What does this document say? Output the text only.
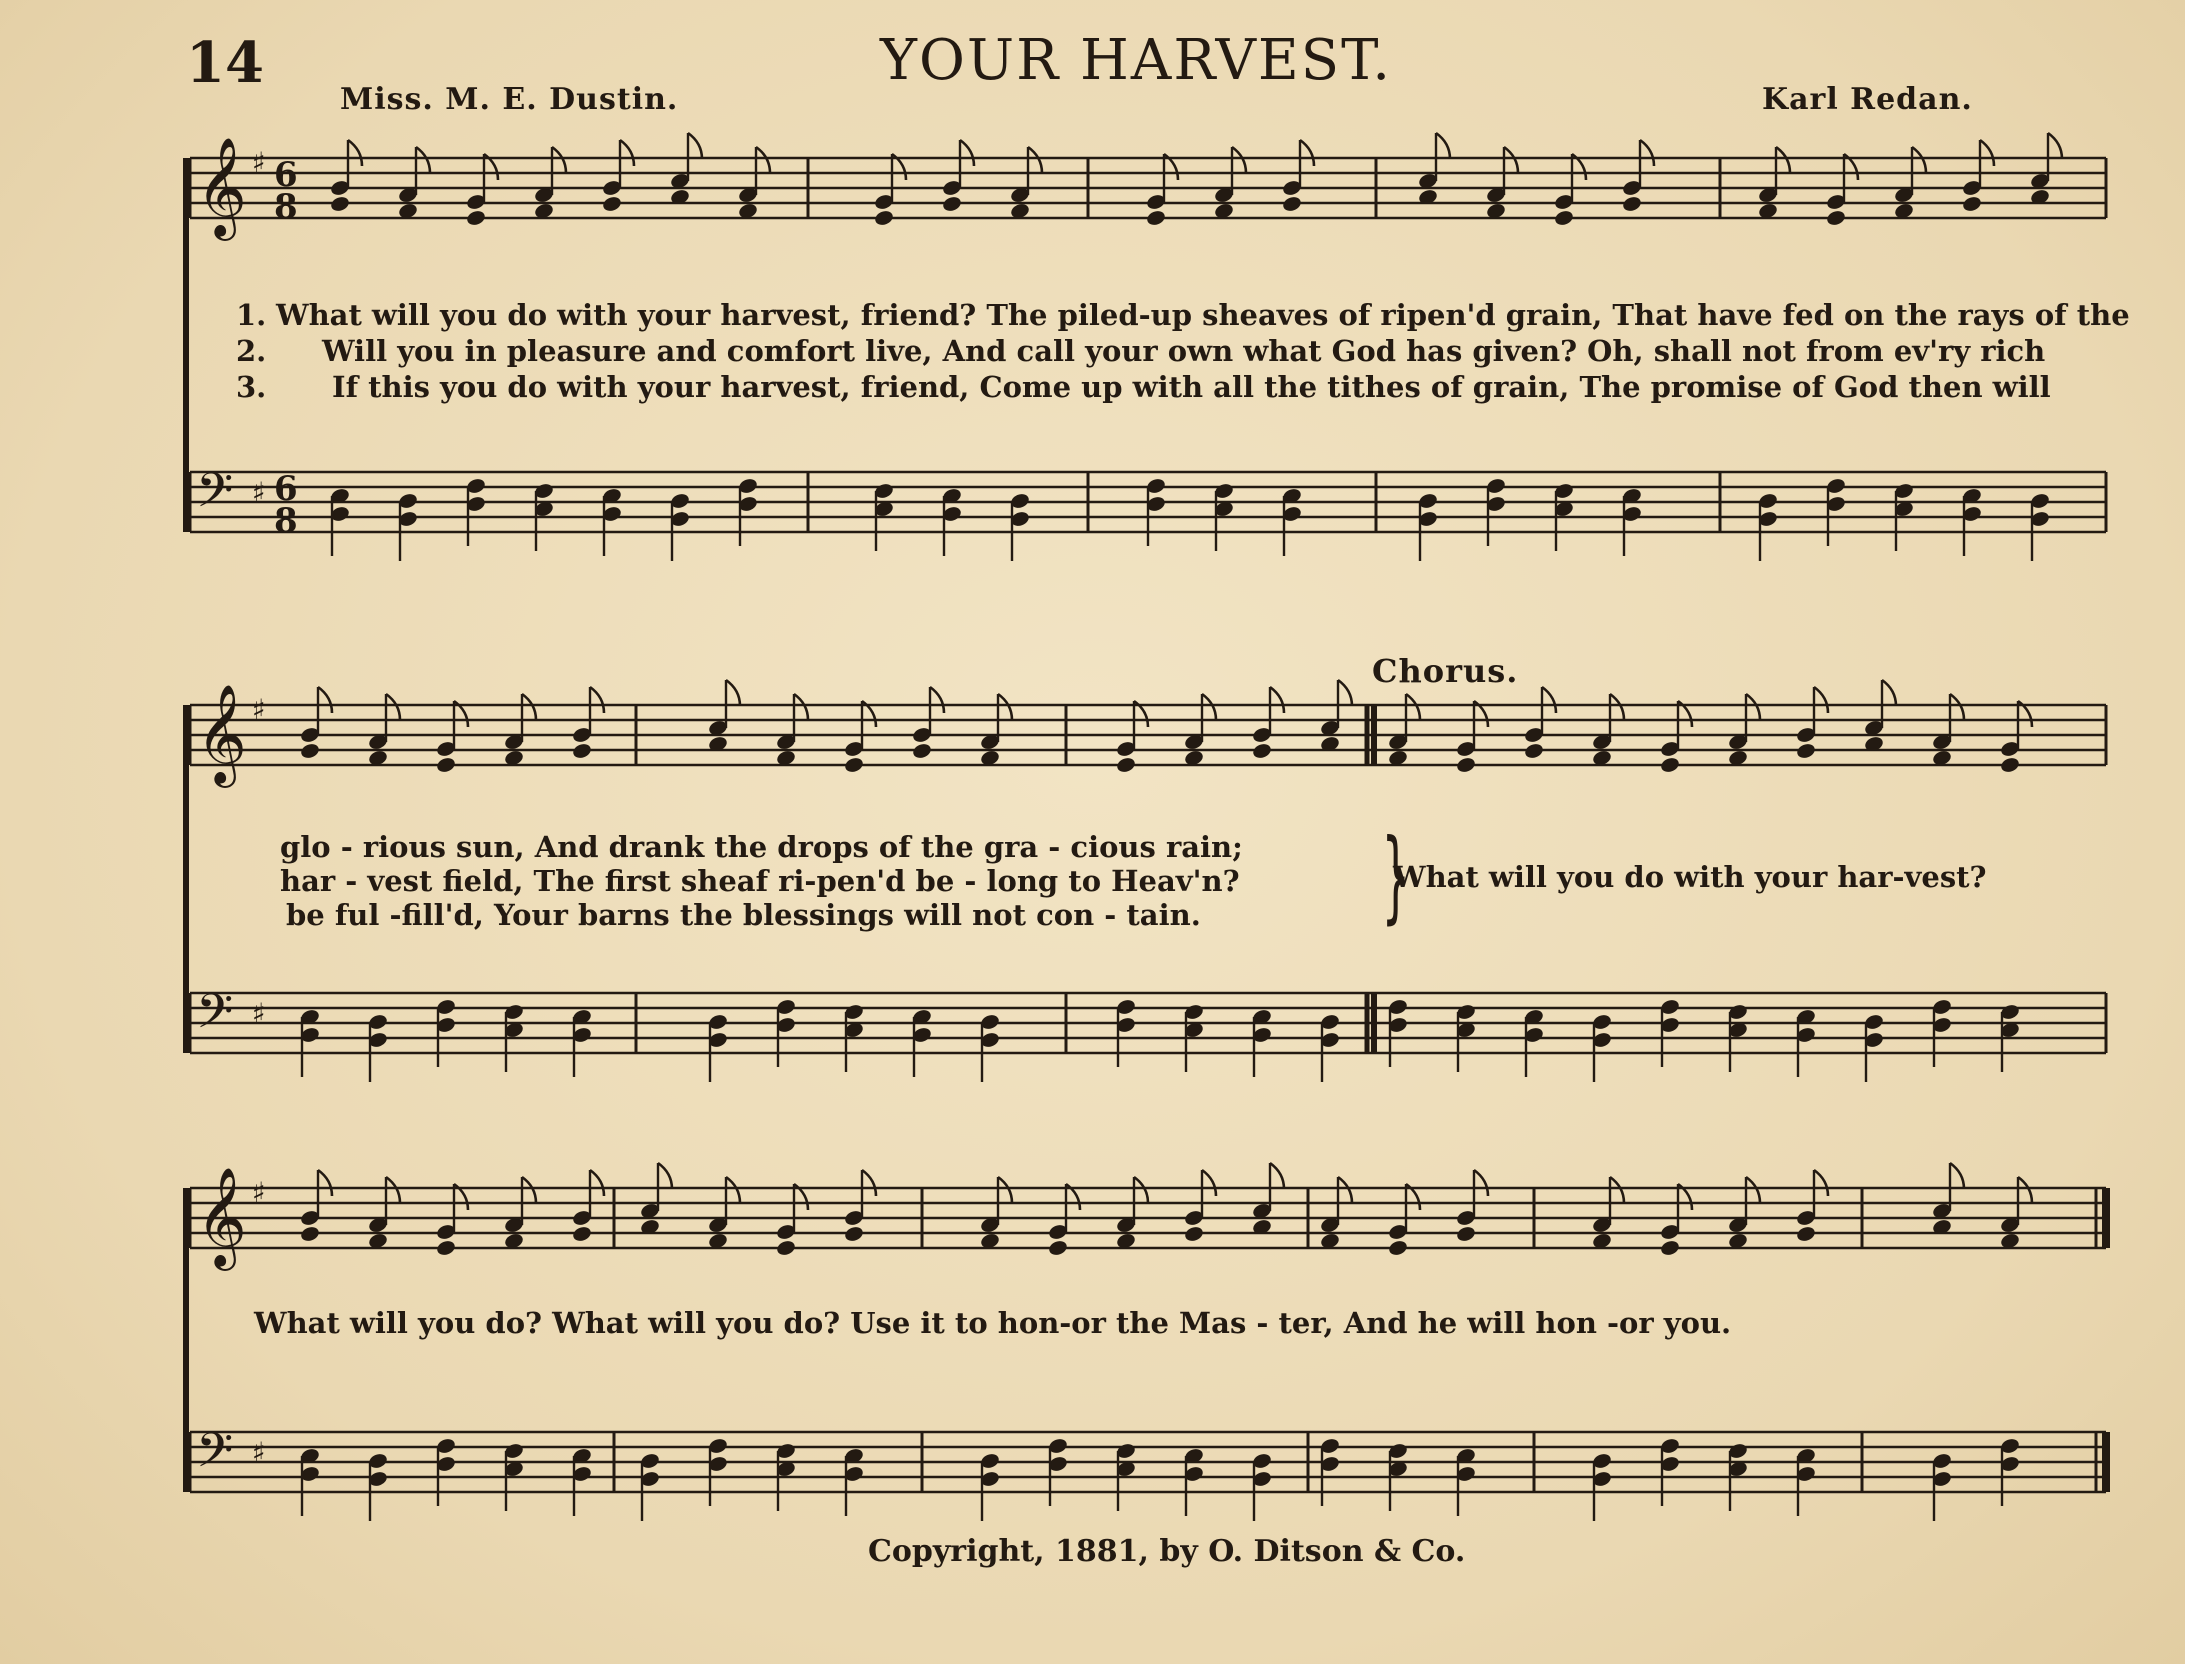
14	YOUR HARVEST.
Miss. M. E. Dustin.	Karl Redan.
𝄞
𝄢
♯
♯
6
8
6
8
𝄞
𝄢
♯
♯
𝄞
𝄢
♯
♯
1. What will you do with your harvest, friend? The piled-up sheaves of ripen'd grain, That have fed on the rays of the
2. Will you in pleasure and comfort live, And call your own what God has given? Oh, shall not from ev'ry rich
3. If this you do with your harvest, friend, Come up with all the tithes of grain, The promise of God then will
Chorus.
glo - rious sun, And drank the drops of the gra - cious rain;
har - vest field, The first sheaf ri-pen'd be - long to Heav'n?
be ful -fill'd, Your barns the blessings will not con - tain. }
What will you do with your har-vest?
What will you do? What will you do? Use it to hon-or the Mas - ter, And he will hon -or you.
Copyright, 1881, by O. Ditson & Co.
